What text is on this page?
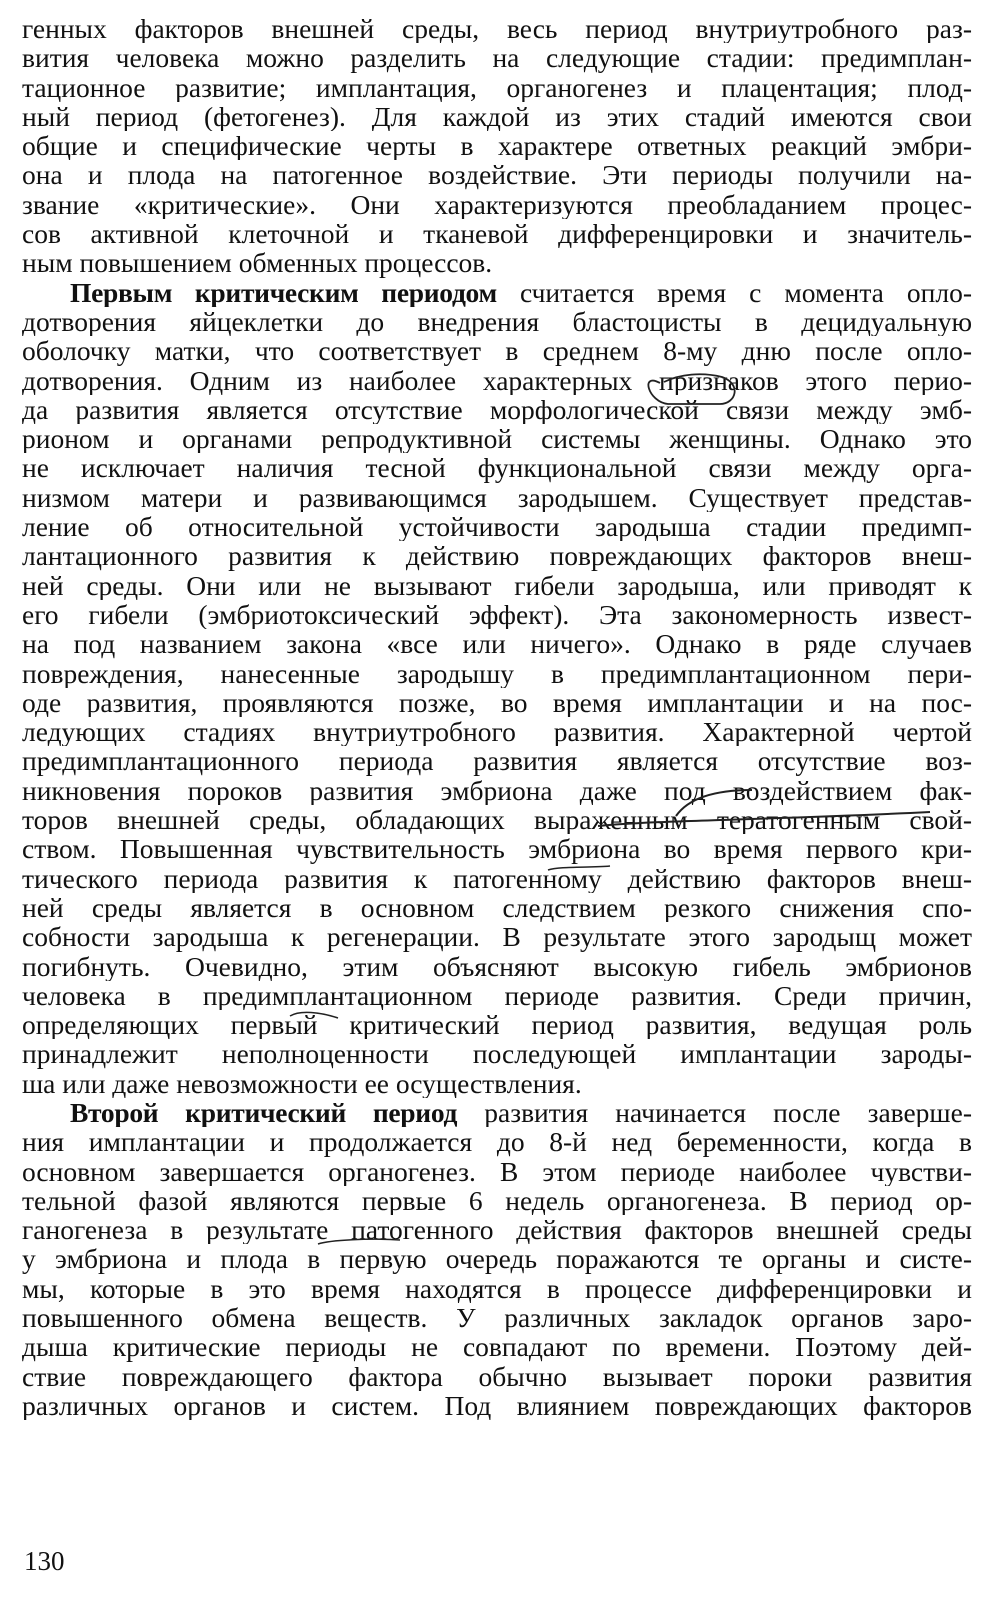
генных факторов внешней среды, весь период внутриутробного раз-
вития человека можно разделить на следующие стадии: предимплан-
тационное развитие; имплантация, органогенез и плацентация; плод-
ный период (фетогенез). Для каждой из этих стадий имеются свои
общие и специфические черты в характере ответных реакций эмбри-
она и плода на патогенное воздействие. Эти периоды получили на-
звание «критические». Они характеризуются преобладанием процес-
сов активной клеточной и тканевой дифференцировки и значитель-
ным повышением обменных процессов.
Первым критическим периодом считается время с момента опло-
дотворения яйцеклетки до внедрения бластоцисты в децидуальную
оболочку матки, что соответствует в среднем 8-му дню после опло-
дотворения. Одним из наиболее характерных признаков этого перио-
да развития является отсутствие морфологической связи между эмб-
рионом и органами репродуктивной системы женщины. Однако это
не исключает наличия тесной функциональной связи между орга-
низмом матери и развивающимся зародышем. Существует представ-
ление об относительной устойчивости зародыша стадии предимп-
лантационного развития к действию повреждающих факторов внеш-
ней среды. Они или не вызывают гибели зародыша, или приводят к
его гибели (эмбриотоксический эффект). Эта закономерность извест-
на под названием закона «все или ничего». Однако в ряде случаев
повреждения, нанесенные зародышу в предимплантационном пери-
оде развития, проявляются позже, во время имплантации и на пос-
ледующих стадиях внутриутробного развития. Характерной чертой
предимплантационного периода развития является отсутствие воз-
никновения пороков развития эмбриона даже под воздействием фак-
торов внешней среды, обладающих выраженным тератогенным свой-
ством. Повышенная чувствительность эмбриона во время первого кри-
тического периода развития к патогенному действию факторов внеш-
ней среды является в основном следствием резкого снижения спо-
собности зародыша к регенерации. В результате этого зародыщ может
погибнуть. Очевидно, этим объясняют высокую гибель эмбрионов
человека в предимплантационном периоде развития. Среди причин,
определяющих первый критический период развития, ведущая роль
принадлежит неполноценности последующей имплантации зароды-
ша или даже невозможности ее осуществления.
Второй критический период развития начинается после заверше-
ния имплантации и продолжается до 8-й нед беременности, когда в
основном завершается органогенез. В этом периоде наиболее чувстви-
тельной фазой являются первые 6 недель органогенеза. В период ор-
ганогенеза в результате патогенного действия факторов внешней среды
у эмбриона и плода в первую очередь поражаются те органы и систе-
мы, которые в это время находятся в процессе дифференцировки и
повышенного обмена веществ. У различных закладок органов заро-
дыша критические периоды не совпадают по времени. Поэтому дей-
ствие повреждающего фактора обычно вызывает пороки развития
различных органов и систем. Под влиянием повреждающих факторов
130
